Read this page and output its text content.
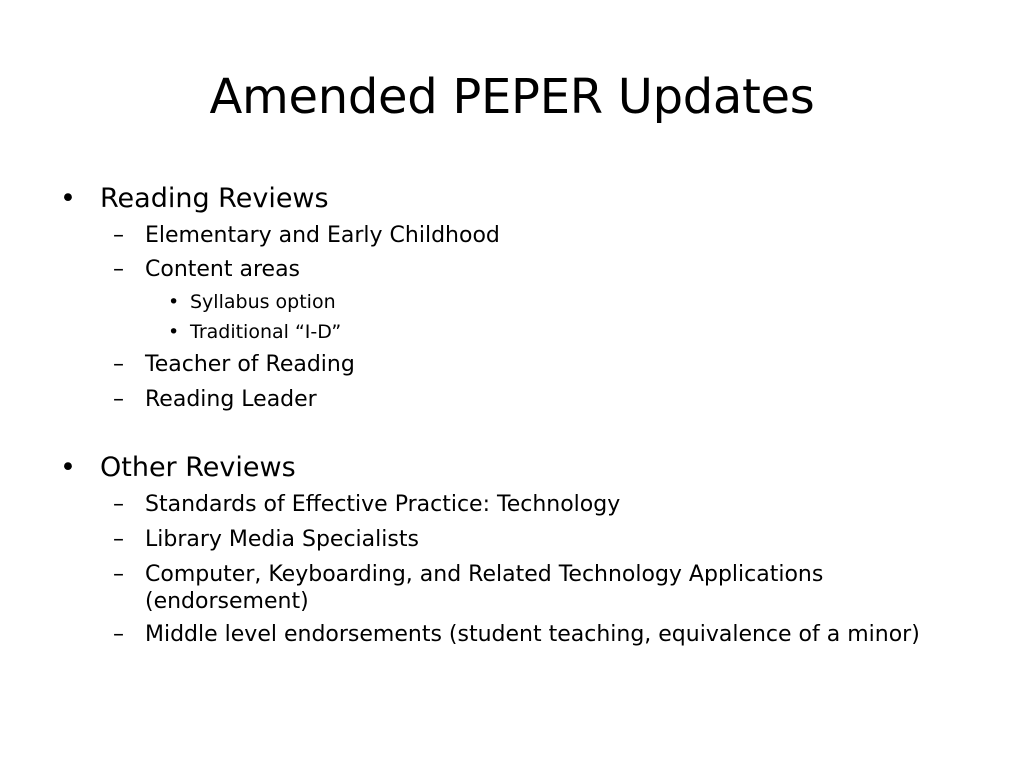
Amended PEPER Updates
• Reading Reviews
– Elementary and Early Childhood
– Content areas
• Syllabus option
• Traditional “I-D”
– Teacher of Reading
– Reading Leader
• Other Reviews
– Standards of Effective Practice: Technology
– Library Media Specialists
– Computer, Keyboarding, and Related Technology Applications (endorsement)
– Middle level endorsements (student teaching, equivalence of a minor)
